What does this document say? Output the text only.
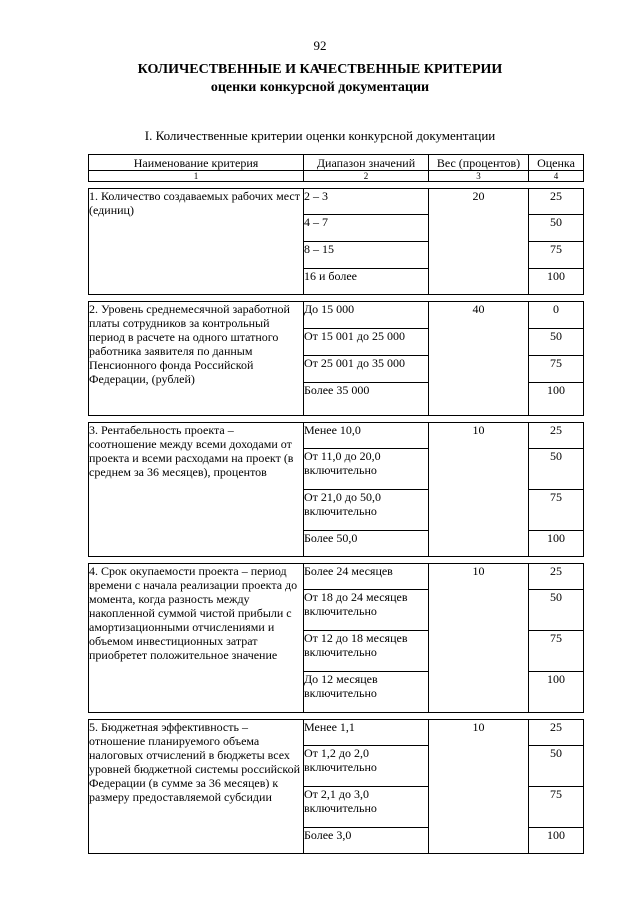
92
КОЛИЧЕСТВЕННЫЕ И КАЧЕСТВЕННЫЕ КРИТЕРИИ
оценки конкурсной документации
I. Количественные критерии оценки конкурсной документации
Наименование критерия	Диапазон значений	Вес (процентов)	Оценка
1	2	3	4

1. Количество создаваемых рабочих мест (единиц)	2 – 3	20	25
	4 – 7		50
	8 – 15		75
	16 и более		100

2. Уровень среднемесячной заработной платы сотрудников за контрольный период в расчете на одного штатного работника заявителя по данным Пенсионного фонда Российской Федерации, (рублей)	До 15 000	40	0
	От 15 001 до 25 000		50
	От 25 001 до 35 000		75
	Более 35 000		100

3. Рентабельность проекта – соотношение между всеми доходами от проекта и всеми расходами на проект (в среднем за 36 месяцев), процентов	Менее 10,0	10	25
	От 11,0 до 20,0 включительно		50
	От 21,0 до 50,0 включительно		75
	Более 50,0		100

4. Срок окупаемости проекта – период времени с начала реализации проекта до момента, когда разность между накопленной суммой чистой прибыли с амортизационными отчислениями и объемом инвестиционных затрат приобретет положительное значение	Более 24 месяцев	10	25
	От 18 до 24 месяцев включительно		50
	От 12 до 18 месяцев включительно		75
	До 12 месяцев включительно		100

5. Бюджетная эффективность – отношение планируемого объема налоговых отчислений в бюджеты всех уровней бюджетной системы российской Федерации (в сумме за 36 месяцев) к размеру предоставляемой субсидии	Менее 1,1	10	25
	От 1,2 до 2,0 включительно		50
	От 2,1 до 3,0 включительно		75
	Более 3,0		100
